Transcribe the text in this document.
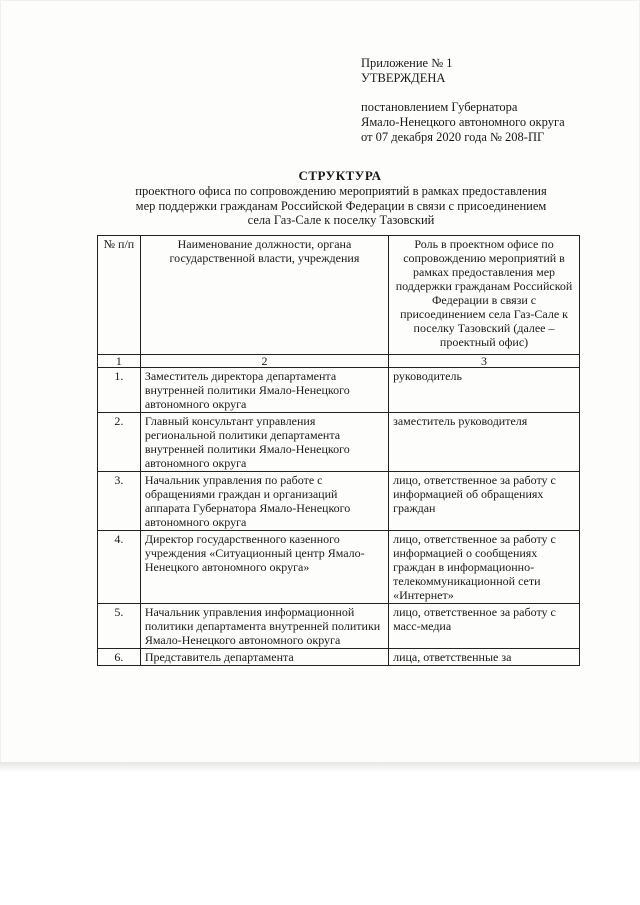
Приложение № 1
УТВЕРЖДЕНА
постановлением Губернатора
Ямало-Ненецкого автономного округа
от 07 декабря 2020 года № 208-ПГ
СТРУКТУРА
проектного офиса по сопровождению мероприятий в рамках предоставления
мер поддержки гражданам Российской Федерации в связи с присоединением
села Газ-Сале к поселку Тазовский
№ п/п	Наименование должности, органа государственной власти, учреждения	Роль в проектном офисе по сопровождению мероприятий в рамках предоставления мер поддержки гражданам Российской Федерации в связи с присоединением села Газ-Сале к поселку Тазовский (далее – проектный офис)
1	2	3
1.	Заместитель директора департамента внутренней политики Ямало-Ненецкого автономного округа	руководитель
2.	Главный консультант управления региональной политики департамента внутренней политики Ямало-Ненецкого автономного округа	заместитель руководителя
3.	Начальник управления по работе с обращениями граждан и организаций аппарата Губернатора Ямало-Ненецкого автономного округа	лицо, ответственное за работу с информацией об обращениях граждан
4.	Директор государственного казенного учреждения «Ситуационный центр Ямало-Ненецкого автономного округа»	лицо, ответственное за работу с информацией о сообщениях граждан в информационно-телекоммуникационной сети «Интернет»
5.	Начальник управления информационной политики департамента внутренней политики Ямало-Ненецкого автономного округа	лицо, ответственное за работу с масс-медиа
6.	Представитель департамента	лица, ответственные за
